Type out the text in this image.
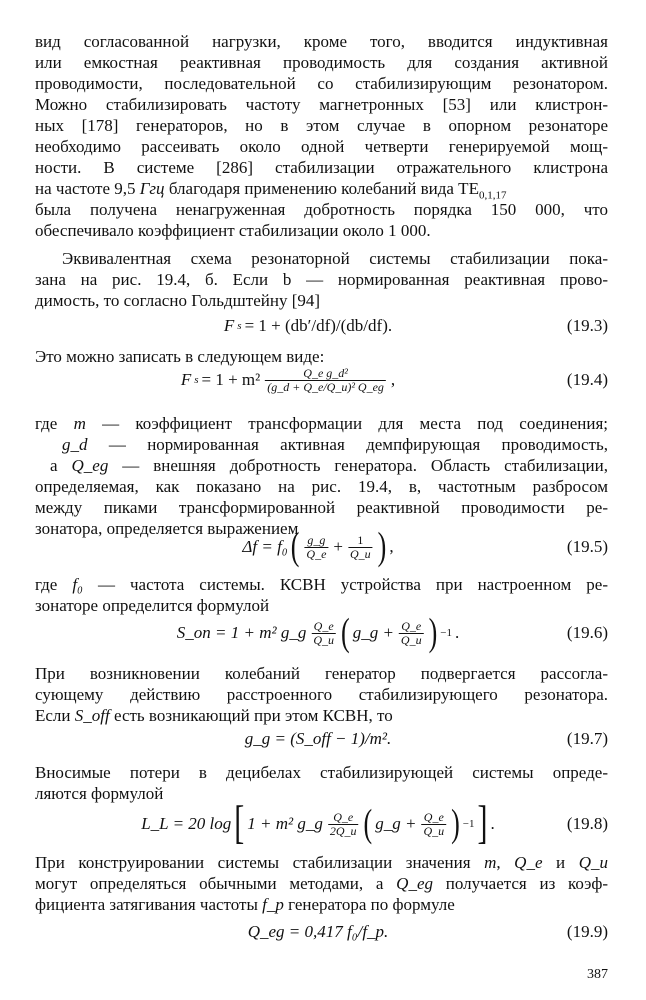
вид согласованной нагрузки, кроме того, вводится индуктивная
или емкостная реактивная проводимость для создания активной
проводимости, последовательной со стабилизирующим резонатором.
Можно стабилизировать частоту магнетронных [53] или клистрон-
ных [178] генераторов, но в этом случае в опорном резонаторе
необходимо рассеивать около одной четверти генерируемой мощ-
ности. В системе [286] стабилизации отражательного клистрона
на частоте 9,5 Ггц благодаря применению колебаний вида $TE_{0,1,17}$
была получена ненагруженная добротность порядка 150 000, что
обеспечивало коэффициент стабилизации около 1 000.
Эквивалентная схема резонаторной системы стабилизации пока-
зана на рис. 19.4, б. Если b — нормированная реактивная прово-
димость, то согласно Гольдштейну [94]
F s = 1 + (db′/df)/(db/df).	(19.3)
Это можно записать в следующем виде:
F $s = 1 + m^2 \frac{\text{Q\_e g\_d²}}{\text{(g\_d + Q\_e/Q\_u)² Q\_eg}}$ ,	(19.4)
где m — коэффициент трансформации для места под соединения;
g_d — нормированная активная демпфирующая проводимость,
а Q_eg — внешняя добротность генератора. Область стабилизации,
определяемая, как показано на рис. 19.4, в, частотным разбросом
между пиками трансформированной реактивной проводимости ре-
зонатора, определяется выражением
Δf = f₀ ( $\frac{g\_g}{Q\_e} + \frac{1}{Q\_u}$ ) ,	(19.5)
где f₀ — частота системы. КСВН устройства при настроенном ре-
зонаторе определится формулой
S_on = 1 + m² g_g $\frac{Q\_e}{Q\_u}$ ( g_g + $\frac{Q\_e}{Q\_u}$ ) −1 .	(19.6)
При возникновении колебаний генератор подвергается рассогла-
сующему действию расстроенного стабилизирующего резонатора.
Если S_off есть возникающий при этом КСВН, то
g_g = (S_off − 1)/m².	(19.7)
Вносимые потери в децибелах стабилизирующей системы опреде-
ляются формулой
L_L = 20 log [ 1 + m² g_g $\frac{Q\_e}{2Q\_u}$ ( g_g + $\frac{Q\_e}{Q\_u}$ ) −1 ] .	(19.8)
При конструировании системы стабилизации значения m, Q_e и Q_u
могут определяться обычными методами, а Q_eg получается из коэф-
фициента затягивания частоты f_p генератора по формуле
Q_eg = 0,417 f₀/f_p.	(19.9)
387
